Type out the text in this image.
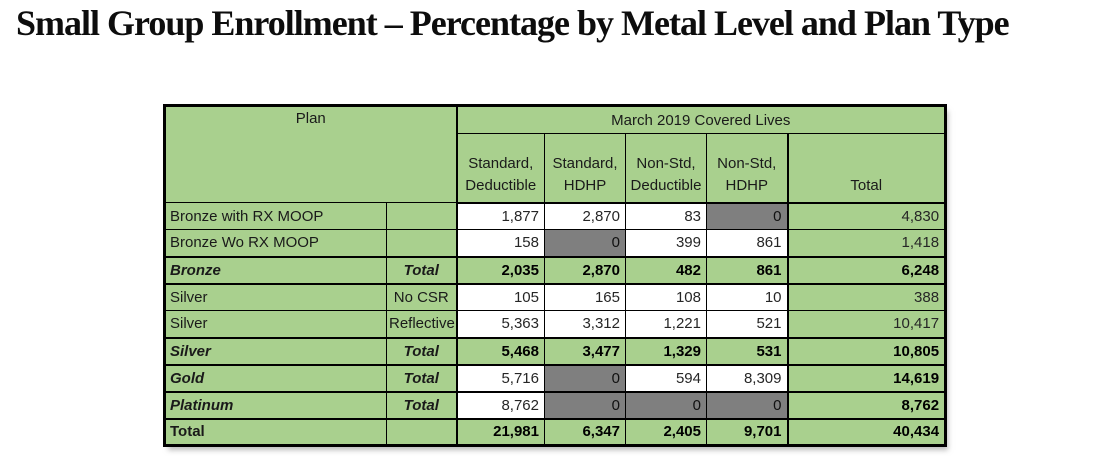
Small Group Enrollment – Percentage by Metal Level and Plan Type
Plan		March 2019 Covered Lives				
		Standard, Deductible	Standard, HDHP	Non-Std, Deductible	Non-Std, HDHP	Total
Bronze with RX MOOP		1,877	2,870	83	0	4,830
Bronze Wo RX MOOP		158	0	399	861	1,418
Bronze	Total	2,035	2,870	482	861	6,248
Silver	No CSR	105	165	108	10	388
Silver	Reflective	5,363	3,312	1,221	521	10,417
Silver	Total	5,468	3,477	1,329	531	10,805
Gold	Total	5,716	0	594	8,309	14,619
Platinum	Total	8,762	0	0	0	8,762
Total		21,981	6,347	2,405	9,701	40,434
